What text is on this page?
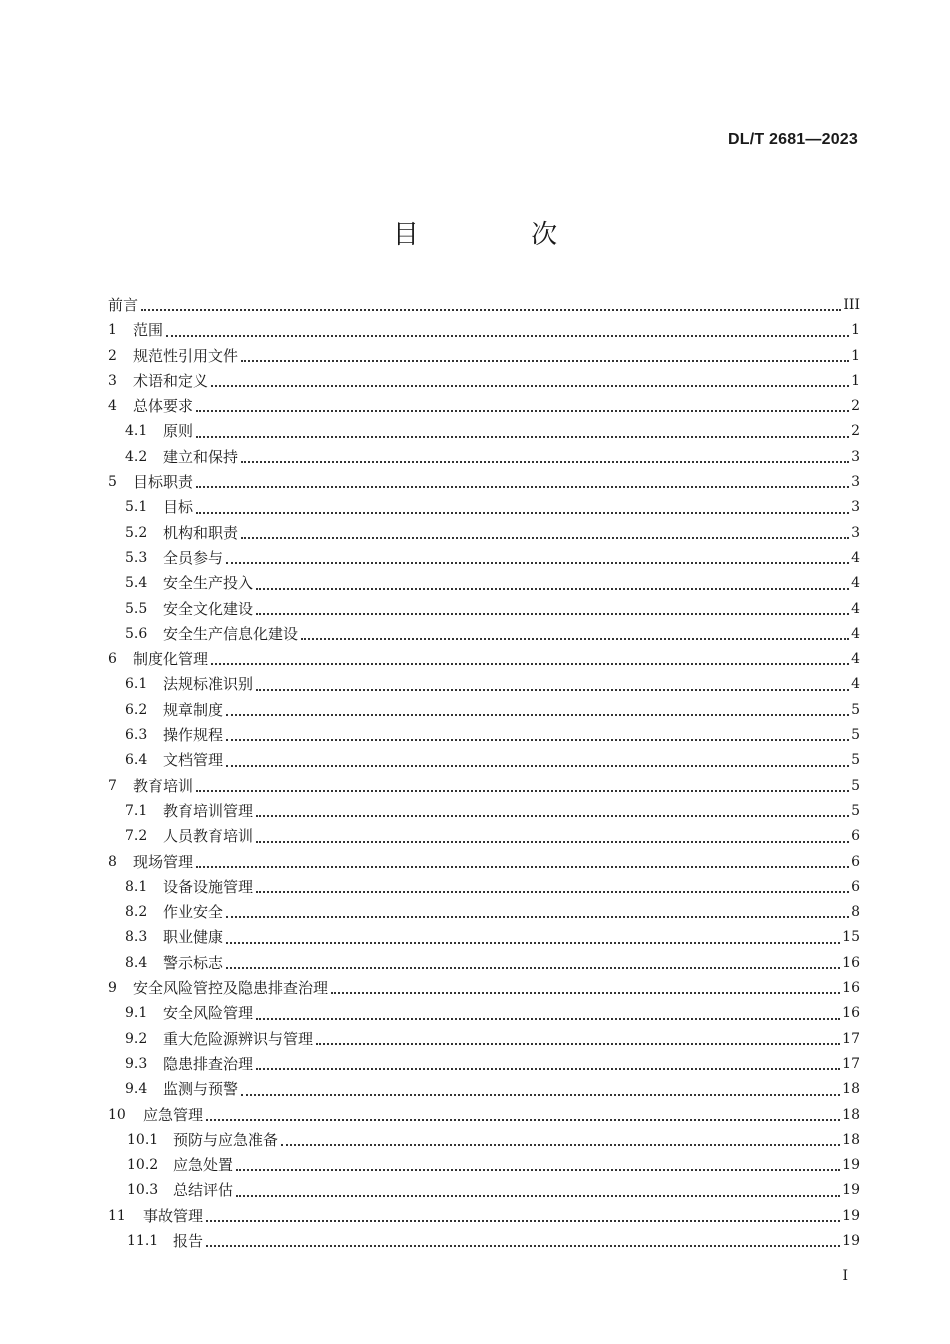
DL/T 2681—2023
目 次
前言	III
1	范围	1
2	规范性引用文件	1
3	术语和定义	1
4	总体要求	2
4.1	原则	2
4.2	建立和保持	3
5	目标职责	3
5.1	目标	3
5.2	机构和职责	3
5.3	全员参与	4
5.4	安全生产投入	4
5.5	安全文化建设	4
5.6	安全生产信息化建设	4
6	制度化管理	4
6.1	法规标准识别	4
6.2	规章制度	5
6.3	操作规程	5
6.4	文档管理	5
7	教育培训	5
7.1	教育培训管理	5
7.2	人员教育培训	6
8	现场管理	6
8.1	设备设施管理	6
8.2	作业安全	8
8.3	职业健康	15
8.4	警示标志	16
9	安全风险管控及隐患排查治理	16
9.1	安全风险管理	16
9.2	重大危险源辨识与管理	17
9.3	隐患排查治理	17
9.4	监测与预警	18
10	应急管理	18
10.1 预防与应急准备	18
10.2 应急处置	19
10.3 总结评估	19
11	事故管理	19
11.1 报告	19
I
